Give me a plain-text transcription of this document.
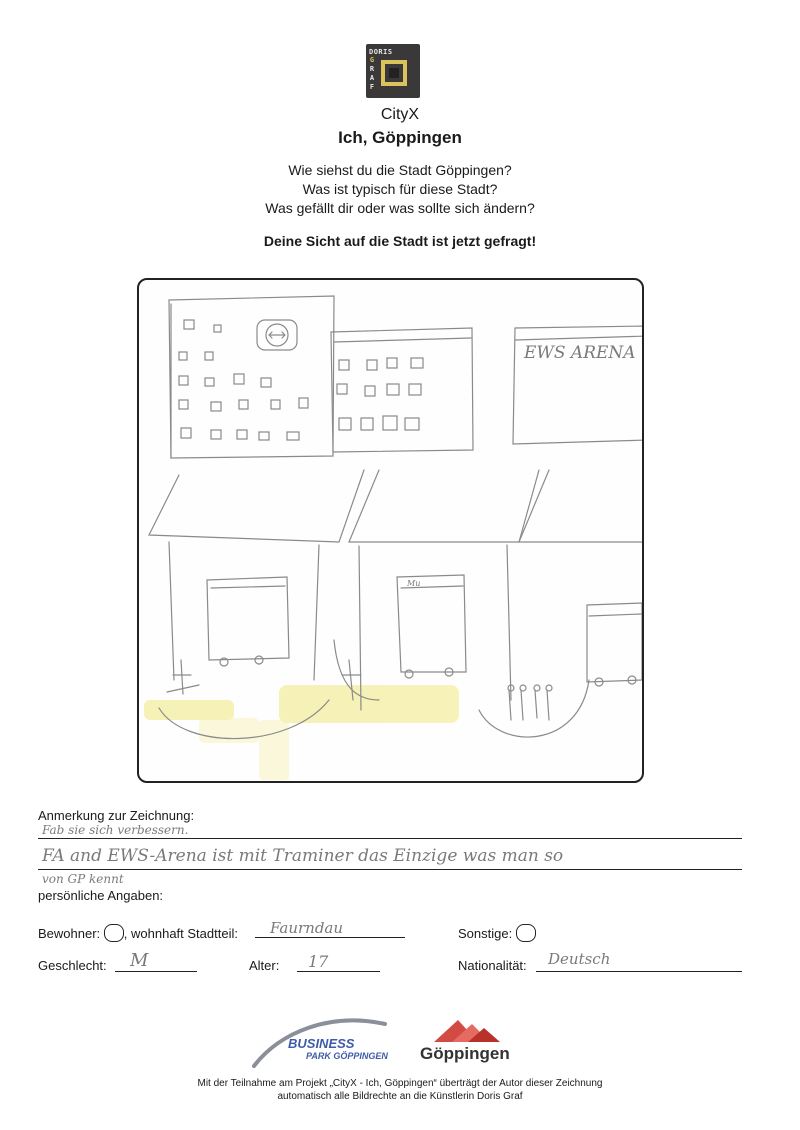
DORIS
G
R
A
F
CityX
Ich, Göppingen
Wie siehst du die Stadt Göppingen?
Was ist typisch für diese Stadt?
Was gefällt dir oder was sollte sich ändern?
Deine Sicht auf die Stadt ist jetzt gefragt!
EWS ARENA
Mu
Anmerkung zur Zeichnung:
Fab sie sich verbessern.
FA and EWS-Arena ist mit Traminer das Einzige was man so
von GP kennt
persönliche Angaben:
Bewohner: , wohnhaft Stadtteil: Faurndau	Sonstige:
Geschlecht: M	Alter: 17	Nationalität: Deutsch
BUSINESS
PARK GÖPPINGEN Göppingen
Mit der Teilnahme am Projekt „CityX - Ich, Göppingen“ überträgt der Autor dieser Zeichnung
automatisch alle Bildrechte an die Künstlerin Doris Graf
